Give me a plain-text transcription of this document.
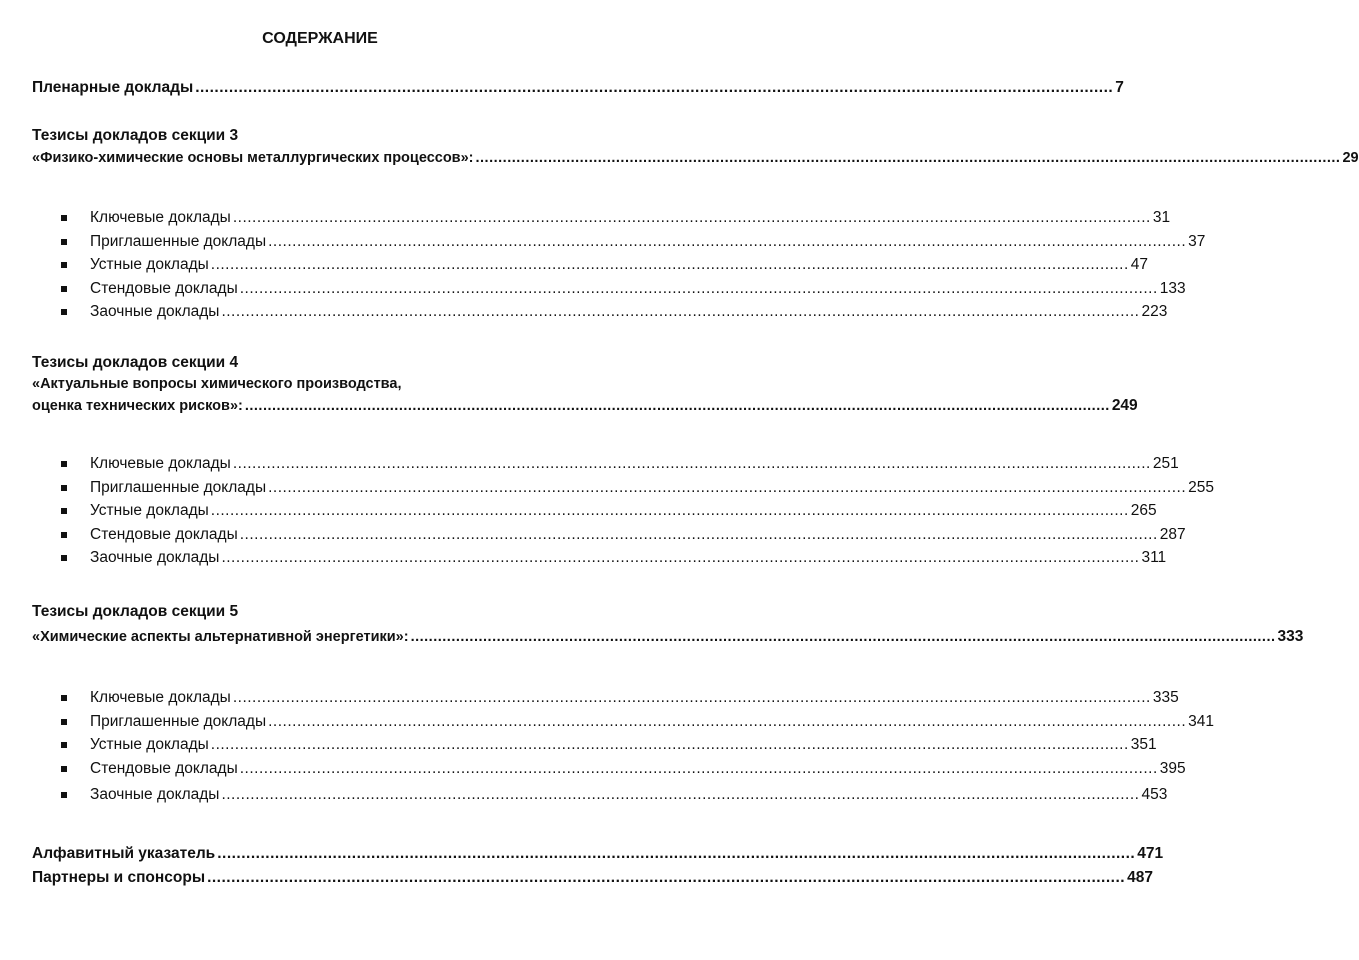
СОДЕРЖАНИЕ
Пленарные доклады ............................................................................................................................................................................................... 7
Тезисы докладов секции 3
«Физико-химические основы металлургических процессов»: ............................................................................................................................................................................................... 29
Ключевые доклады ............................................................................................................................................................................................... 31
Приглашенные доклады ............................................................................................................................................................................................... 37
Устные доклады ............................................................................................................................................................................................... 47
Стендовые доклады ............................................................................................................................................................................................... 133
Заочные доклады ............................................................................................................................................................................................... 223
Тезисы докладов секции 4
«Актуальные вопросы химического производства,
оценка технических рисков»: ............................................................................................................................................................................................... 249
Ключевые доклады ............................................................................................................................................................................................... 251
Приглашенные доклады ............................................................................................................................................................................................... 255
Устные доклады ............................................................................................................................................................................................... 265
Стендовые доклады ............................................................................................................................................................................................... 287
Заочные доклады ............................................................................................................................................................................................... 311
Тезисы докладов секции 5
«Химические аспекты альтернативной энергетики»: ............................................................................................................................................................................................... 333
Ключевые доклады ............................................................................................................................................................................................... 335
Приглашенные доклады ............................................................................................................................................................................................... 341
Устные доклады ............................................................................................................................................................................................... 351
Стендовые доклады ............................................................................................................................................................................................... 395
Заочные доклады ............................................................................................................................................................................................... 453
Алфавитный указатель ............................................................................................................................................................................................... 471
Партнеры и спонсоры ............................................................................................................................................................................................... 487
